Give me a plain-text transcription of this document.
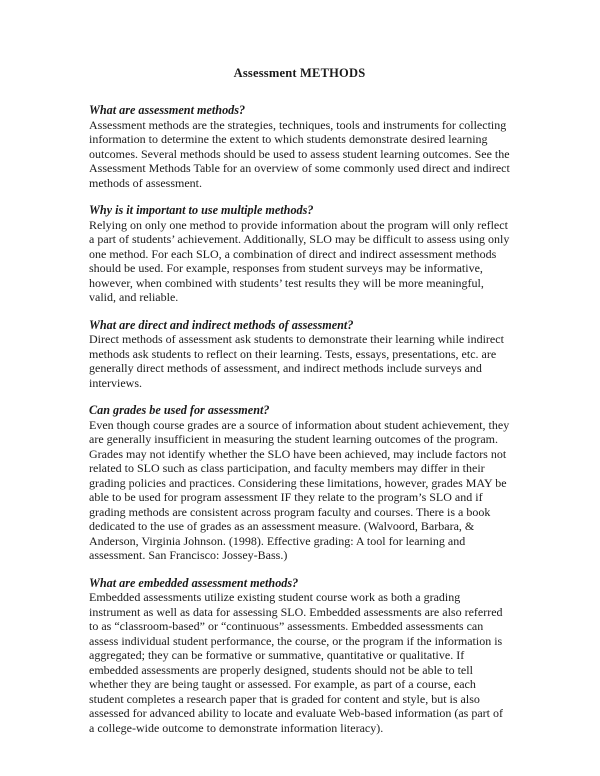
Assessment METHODS
What are assessment methods?

Assessment methods are the strategies, techniques, tools and instruments for collecting information to determine the extent to which students demonstrate desired learning outcomes. Several methods should be used to assess student learning outcomes. See the Assessment Methods Table for an overview of some commonly used direct and indirect methods of assessment.

Why is it important to use multiple methods?

Relying on only one method to provide information about the program will only reflect a part of students’ achievement. Additionally, SLO may be difficult to assess using only one method. For each SLO, a combination of direct and indirect assessment methods should be used. For example, responses from student surveys may be informative, however, when combined with students’ test results they will be more meaningful, valid, and reliable.

What are direct and indirect methods of assessment?

Direct methods of assessment ask students to demonstrate their learning while indirect methods ask students to reflect on their learning. Tests, essays, presentations, etc. are generally direct methods of assessment, and indirect methods include surveys and interviews.

Can grades be used for assessment?

Even though course grades are a source of information about student achievement, they are generally insufficient in measuring the student learning outcomes of the program. Grades may not identify whether the SLO have been achieved, may include factors not related to SLO such as class participation, and faculty members may differ in their grading policies and practices. Considering these limitations, however, grades MAY be able to be used for program assessment IF they relate to the program’s SLO and if grading methods are consistent across program faculty and courses. There is a book dedicated to the use of grades as an assessment measure. (Walvoord, Barbara, & Anderson, Virginia Johnson. (1998). Effective grading: A tool for learning and assessment. San Francisco: Jossey-Bass.)

What are embedded assessment methods?

Embedded assessments utilize existing student course work as both a grading instrument as well as data for assessing SLO. Embedded assessments are also referred to as “classroom-based” or “continuous” assessments. Embedded assessments can assess individual student performance, the course, or the program if the information is aggregated; they can be formative or summative, quantitative or qualitative. If embedded assessments are properly designed, students should not be able to tell whether they are being taught or assessed. For example, as part of a course, each student completes a research paper that is graded for content and style, but is also assessed for advanced ability to locate and evaluate Web-based information (as part of a college-wide outcome to demonstrate information literacy).
